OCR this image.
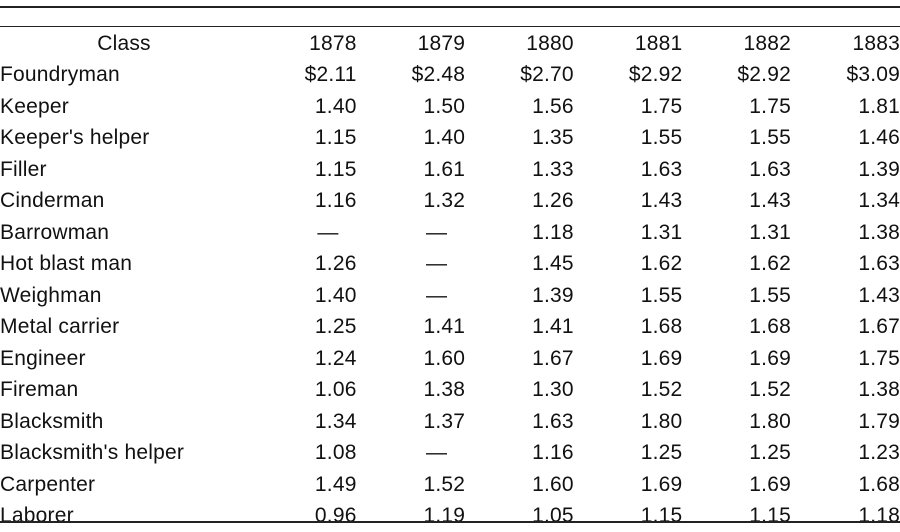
Class	1878	1879	1880	1881	1882	1883
Foundryman	$2.11	$2.48	$2.70	$2.92	$2.92	$3.09
Keeper	1.40	1.50	1.56	1.75	1.75	1.81
Keeper's helper	1.15	1.40	1.35	1.55	1.55	1.46
Filler	1.15	1.61	1.33	1.63	1.63	1.39
Cinderman	1.16	1.32	1.26	1.43	1.43	1.34
Barrowman	—	—	1.18	1.31	1.31	1.38
Hot blast man	1.26	—	1.45	1.62	1.62	1.63
Weighman	1.40	—	1.39	1.55	1.55	1.43
Metal carrier	1.25	1.41	1.41	1.68	1.68	1.67
Engineer	1.24	1.60	1.67	1.69	1.69	1.75
Fireman	1.06	1.38	1.30	1.52	1.52	1.38
Blacksmith	1.34	1.37	1.63	1.80	1.80	1.79
Blacksmith's helper	1.08	—	1.16	1.25	1.25	1.23
Carpenter	1.49	1.52	1.60	1.69	1.69	1.68
Laborer	0.96	1.19	1.05	1.15	1.15	1.18
